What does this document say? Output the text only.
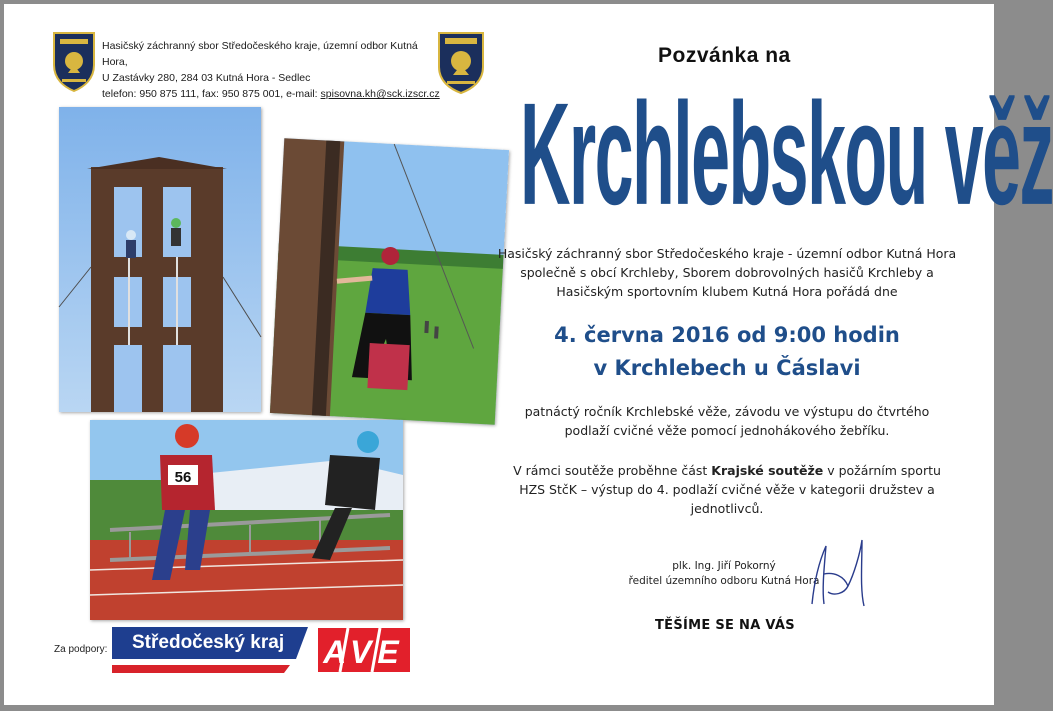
Hasičský záchranný sbor Středočeského kraje, územní odbor Kutná Hora,
U Zastávky 280, 284 03 Kutná Hora - Sedlec
telefon: 950 875 111, fax: 950 875 001, e-mail: spisovna.kh@sck.izscr.cz
Pozvánka na
Krchlebskou věž
56
Hasičský záchranný sbor Středočeského kraje - územní odbor Kutná Hora společně s obcí Krchleby, Sborem dobrovolných hasičů Krchleby a Hasičským sportovním klubem Kutná Hora pořádá dne
4. června 2016 od 9:00 hodin
v Krchlebech u Čáslavi
patnáctý ročník Krchlebské věže, závodu ve výstupu do čtvrtého podlaží cvičné věže pomocí jednohákového žebříku.
V rámci soutěže proběhne část Krajské soutěže v požárním sportu HZS StčK – výstup do 4. podlaží cvičné věže v kategorii družstev a jednotlivců.
plk. Ing. Jiří Pokorný
ředitel územního odboru Kutná Hora
TĚŠÍME SE NA VÁS
Za podpory: Středočeský kraj AVE
